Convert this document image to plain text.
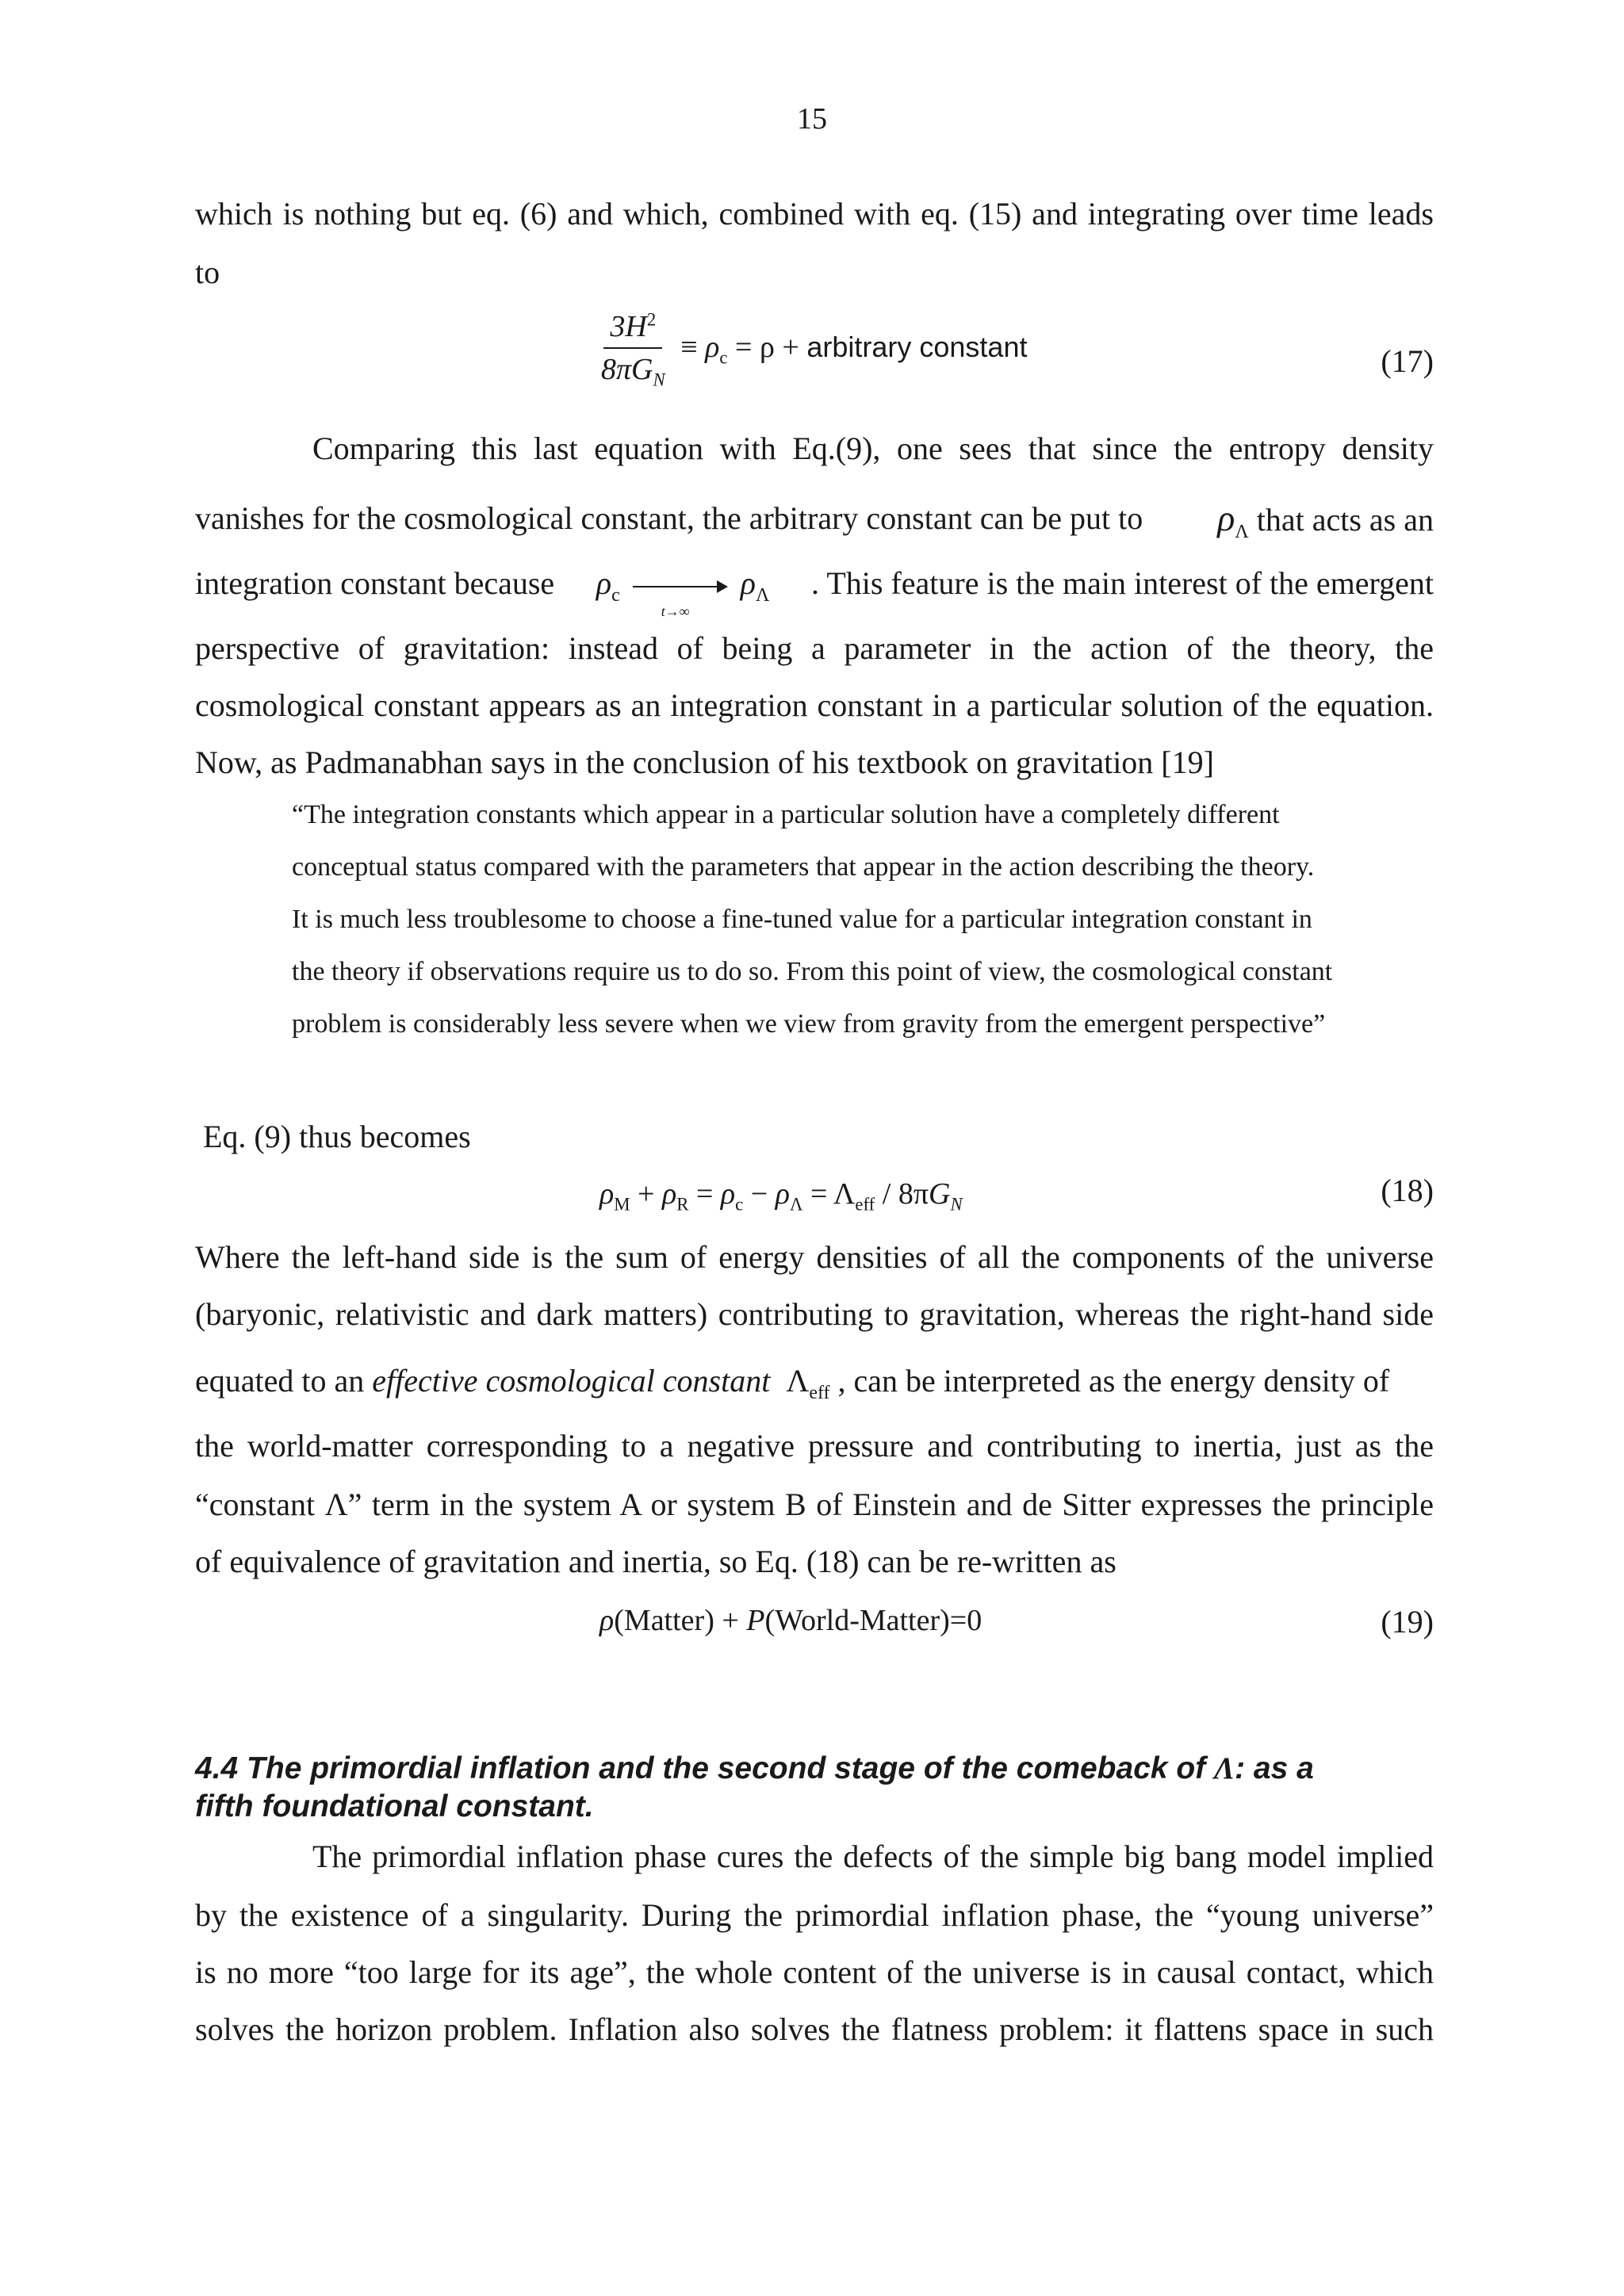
15
which is nothing but eq. (6) and which, combined with eq. (15) and integrating over time leads
to
$\frac{3H^2}{8\pi G_N} \equiv \rho_c = \rho$ + arbitrary constant	(17)
Comparing this last equation with Eq.(9), one sees that since the entropy density
vanishes for the cosmological constant, the arbitrary constant can be put to $\rho_\Lambda$ that acts as an
integration constant because $\rho_c$
t→∞
$\rho_\Lambda$ . This feature is the main interest of the emergent
perspective of gravitation: instead of being a parameter in the action of the theory, the
cosmological constant appears as an integration constant in a particular solution of the equation.
Now, as Padmanabhan says in the conclusion of his textbook on gravitation [19]
“The integration constants which appear in a particular solution have a completely different
conceptual status compared with the parameters that appear in the action describing the theory.
It is much less troublesome to choose a fine-tuned value for a particular integration constant in
the theory if observations require us to do so. From this point of view, the cosmological constant
problem is considerably less severe when we view from gravity from the emergent perspective”
Eq. (9) thus becomes
$\rho_M + \rho_R = \rho_c - \rho_\Lambda = \Lambda_{eff} / 8\pi G_N$	(18)
Where the left-hand side is the sum of energy densities of all the components of the universe
(baryonic, relativistic and dark matters) contributing to gravitation, whereas the right-hand side
equated to an effective cosmological constant $\Lambda_{eff}$ , can be interpreted as the energy density of
the world-matter corresponding to a negative pressure and contributing to inertia, just as the
“constant Λ” term in the system A or system B of Einstein and de Sitter expresses the principle
of equivalence of gravitation and inertia, so Eq. (18) can be re-written as
ρ(Matter) + P(World-Matter)=0	(19)
4.4 The primordial inflation and the second stage of the comeback of Λ: as a
fifth foundational constant.
The primordial inflation phase cures the defects of the simple big bang model implied
by the existence of a singularity. During the primordial inflation phase, the “young universe”
is no more “too large for its age”, the whole content of the universe is in causal contact, which
solves the horizon problem. Inflation also solves the flatness problem: it flattens space in such
